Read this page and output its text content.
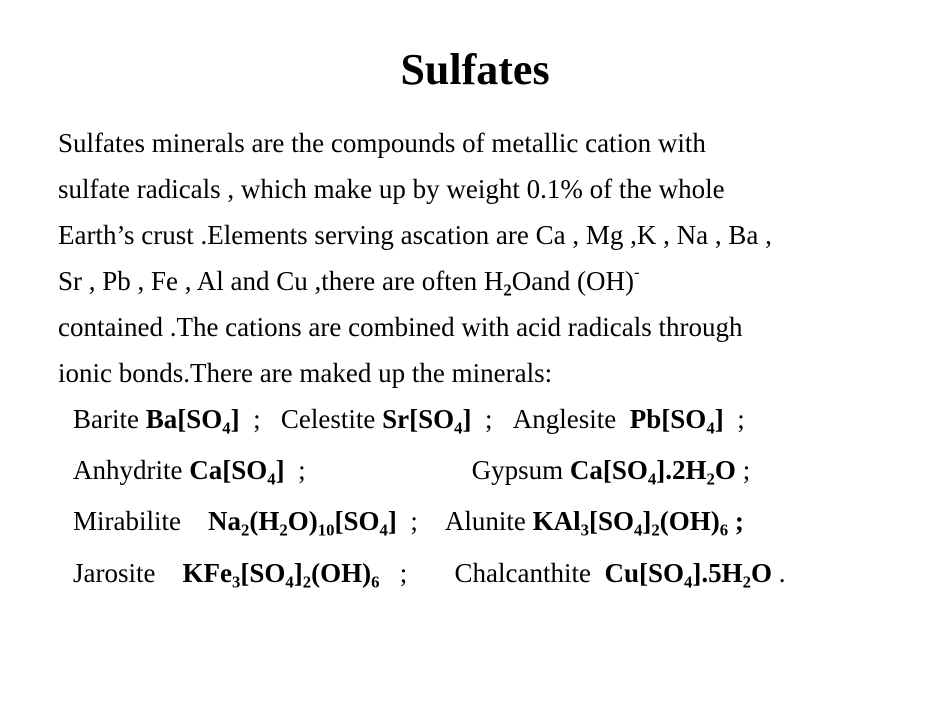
Sulfates
Sulfates minerals are the compounds of metallic cation with
sulfate radicals , which make up by weight 0.1% of the whole
Earth’s crust .Elements serving ascation are Ca , Mg ,K , Na , Ba ,
Sr , Pb , Fe , Al and Cu ,there are often $H_2Oand$ (OH)-
contained .The cations are combined with acid radicals through
ionic bonds.There are maked up the minerals:
Barite $Ba[SO_4]$ ; Celestite $Sr[SO_4]$ ; Anglesite $Pb[SO_4]$ ;
Anhydrite $Ca[SO_4]$ ;	Gypsum $Ca[SO_4].2H_2O$ ;
Mirabilite $Na_2(H_2O)_{10}[SO_4]$ ; Alunite $KAl_3[SO_4]_2(OH)_6$ ;
Jarosite $KFe_3[SO_4]_2(OH)_6$ ; Chalcanthite $Cu[SO_4].5H_2O$ .
